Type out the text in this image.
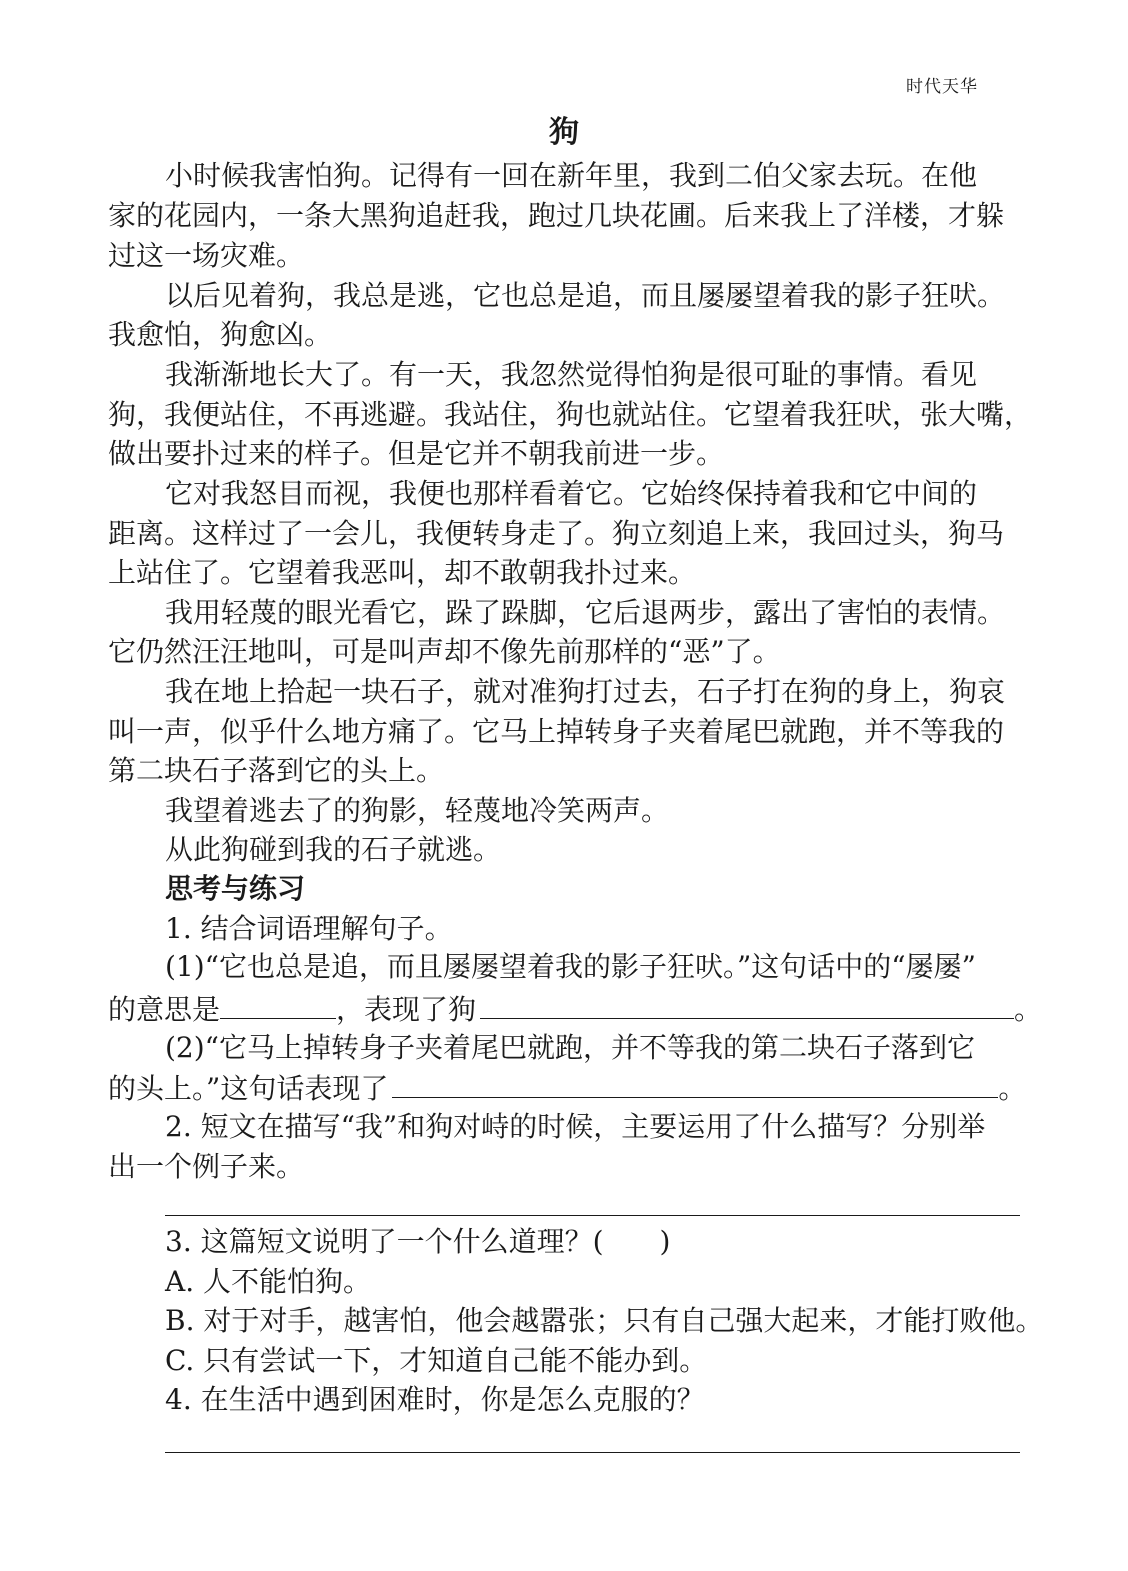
时代天华
狗
小时候我害怕狗。记得有一回在新年里，我到二伯父家去玩。在他
家的花园内，一条大黑狗追赶我，跑过几块花圃。后来我上了洋楼，才躲
过这一场灾难。
以后见着狗，我总是逃，它也总是追，而且屡屡望着我的影子狂吠。
我愈怕，狗愈凶。
我渐渐地长大了。有一天，我忽然觉得怕狗是很可耻的事情。看见
狗，我便站住，不再逃避。我站住，狗也就站住。它望着我狂吠，张大嘴，
做出要扑过来的样子。但是它并不朝我前进一步。
它对我怒目而视，我便也那样看着它。它始终保持着我和它中间的
距离。这样过了一会儿，我便转身走了。狗立刻追上来，我回过头，狗马
上站住了。它望着我恶叫，却不敢朝我扑过来。
我用轻蔑的眼光看它，跺了跺脚，它后退两步，露出了害怕的表情。
它仍然汪汪地叫，可是叫声却不像先前那样的“恶”了。
我在地上拾起一块石子，就对准狗打过去，石子打在狗的身上，狗哀
叫一声，似乎什么地方痛了。它马上掉转身子夹着尾巴就跑，并不等我的
第二块石子落到它的头上。
我望着逃去了的狗影，轻蔑地冷笑两声。
从此狗碰到我的石子就逃。
思考与练习
1. 结合词语理解句子。
(1)“它也总是追，而且屡屡望着我的影子狂吠。”这句话中的“屡屡”
的意思是	，表现了狗	。
(2)“它马上掉转身子夹着尾巴就跑，并不等我的第二块石子落到它
的头上。”这句话表现了	。
2. 短文在描写“我”和狗对峙的时候，主要运用了什么描写？分别举
出一个例子来。
3. 这篇短文说明了一个什么道理？(　　)
A. 人不能怕狗。
B. 对于对手，越害怕，他会越嚣张；只有自己强大起来，才能打败他。
C. 只有尝试一下，才知道自己能不能办到。
4. 在生活中遇到困难时，你是怎么克服的？
